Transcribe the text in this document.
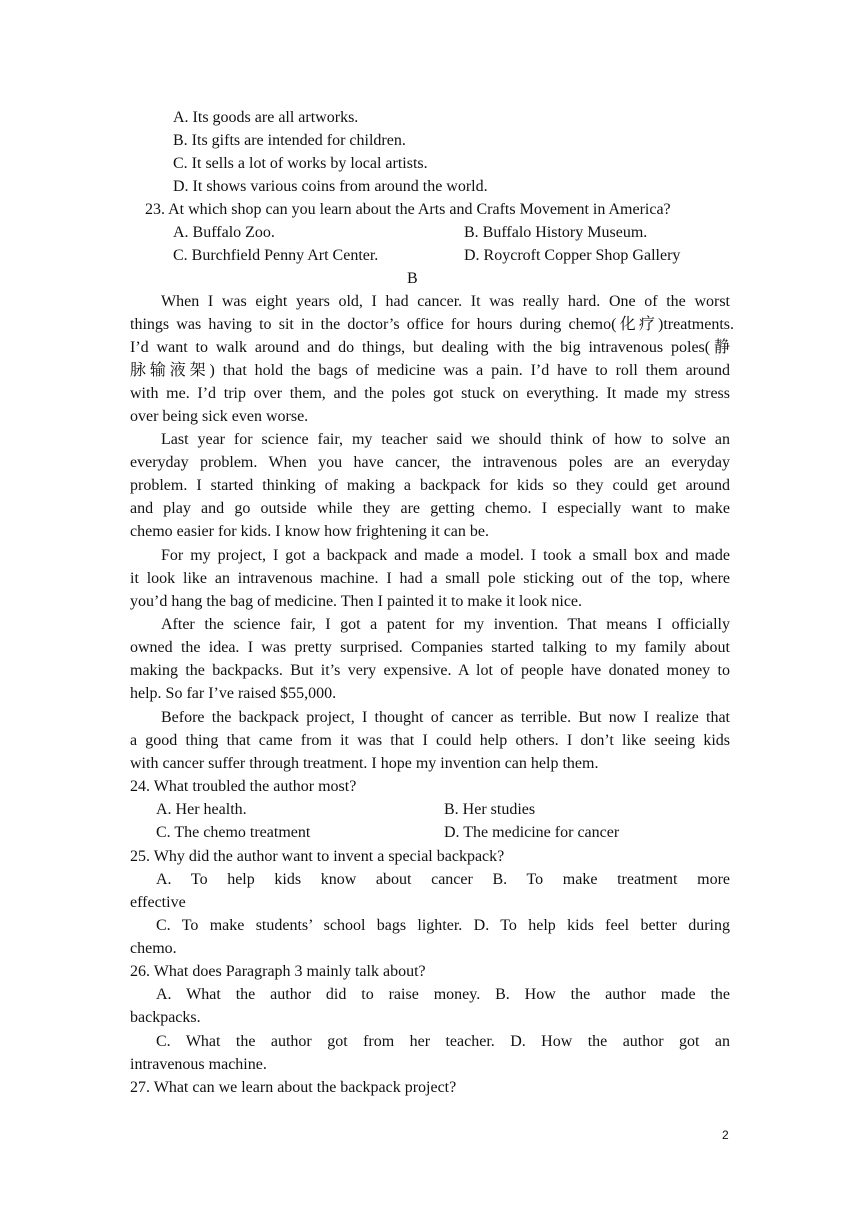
A. Its goods are all artworks.
B. Its gifts are intended for children.
C. It sells a lot of works by local artists.
D. It shows various coins from around the world.
23. At which shop can you learn about the Arts and Crafts Movement in America?
A. Buffalo Zoo.	B. Buffalo History Museum.
C. Burchfield Penny Art Center.	D. Roycroft Copper Shop Gallery
B
When I was eight years old, I had cancer. It was really hard. One of the worst
things was having to sit in the doctor’s office for hours during chemo(化疗)treatments.
I’d want to walk around and do things, but dealing with the big intravenous poles(静
脉输液架) that hold the bags of medicine was a pain. I’d have to roll them around
with me. I’d trip over them, and the poles got stuck on everything. It made my stress
over being sick even worse.
Last year for science fair, my teacher said we should think of how to solve an
everyday problem. When you have cancer, the intravenous poles are an everyday
problem. I started thinking of making a backpack for kids so they could get around
and play and go outside while they are getting chemo. I especially want to make
chemo easier for kids. I know how frightening it can be.
For my project, I got a backpack and made a model. I took a small box and made
it look like an intravenous machine. I had a small pole sticking out of the top, where
you’d hang the bag of medicine. Then I painted it to make it look nice.
After the science fair, I got a patent for my invention. That means I officially
owned the idea. I was pretty surprised. Companies started talking to my family about
making the backpacks. But it’s very expensive. A lot of people have donated money to
help. So far I’ve raised $55,000.
Before the backpack project, I thought of cancer as terrible. But now I realize that
a good thing that came from it was that I could help others. I don’t like seeing kids
with cancer suffer through treatment. I hope my invention can help them.
24. What troubled the author most?
A. Her health.	B. Her studies
C. The chemo treatment	D. The medicine for cancer
25. Why did the author want to invent a special backpack?
A. To help kids know about cancer B. To make treatment more
effective
C. To make students’ school bags lighter. D. To help kids feel better during
chemo.
26. What does Paragraph 3 mainly talk about?
A. What the author did to raise money. B. How the author made the
backpacks.
C. What the author got from her teacher. D. How the author got an
intravenous machine.
27. What can we learn about the backpack project?
2
